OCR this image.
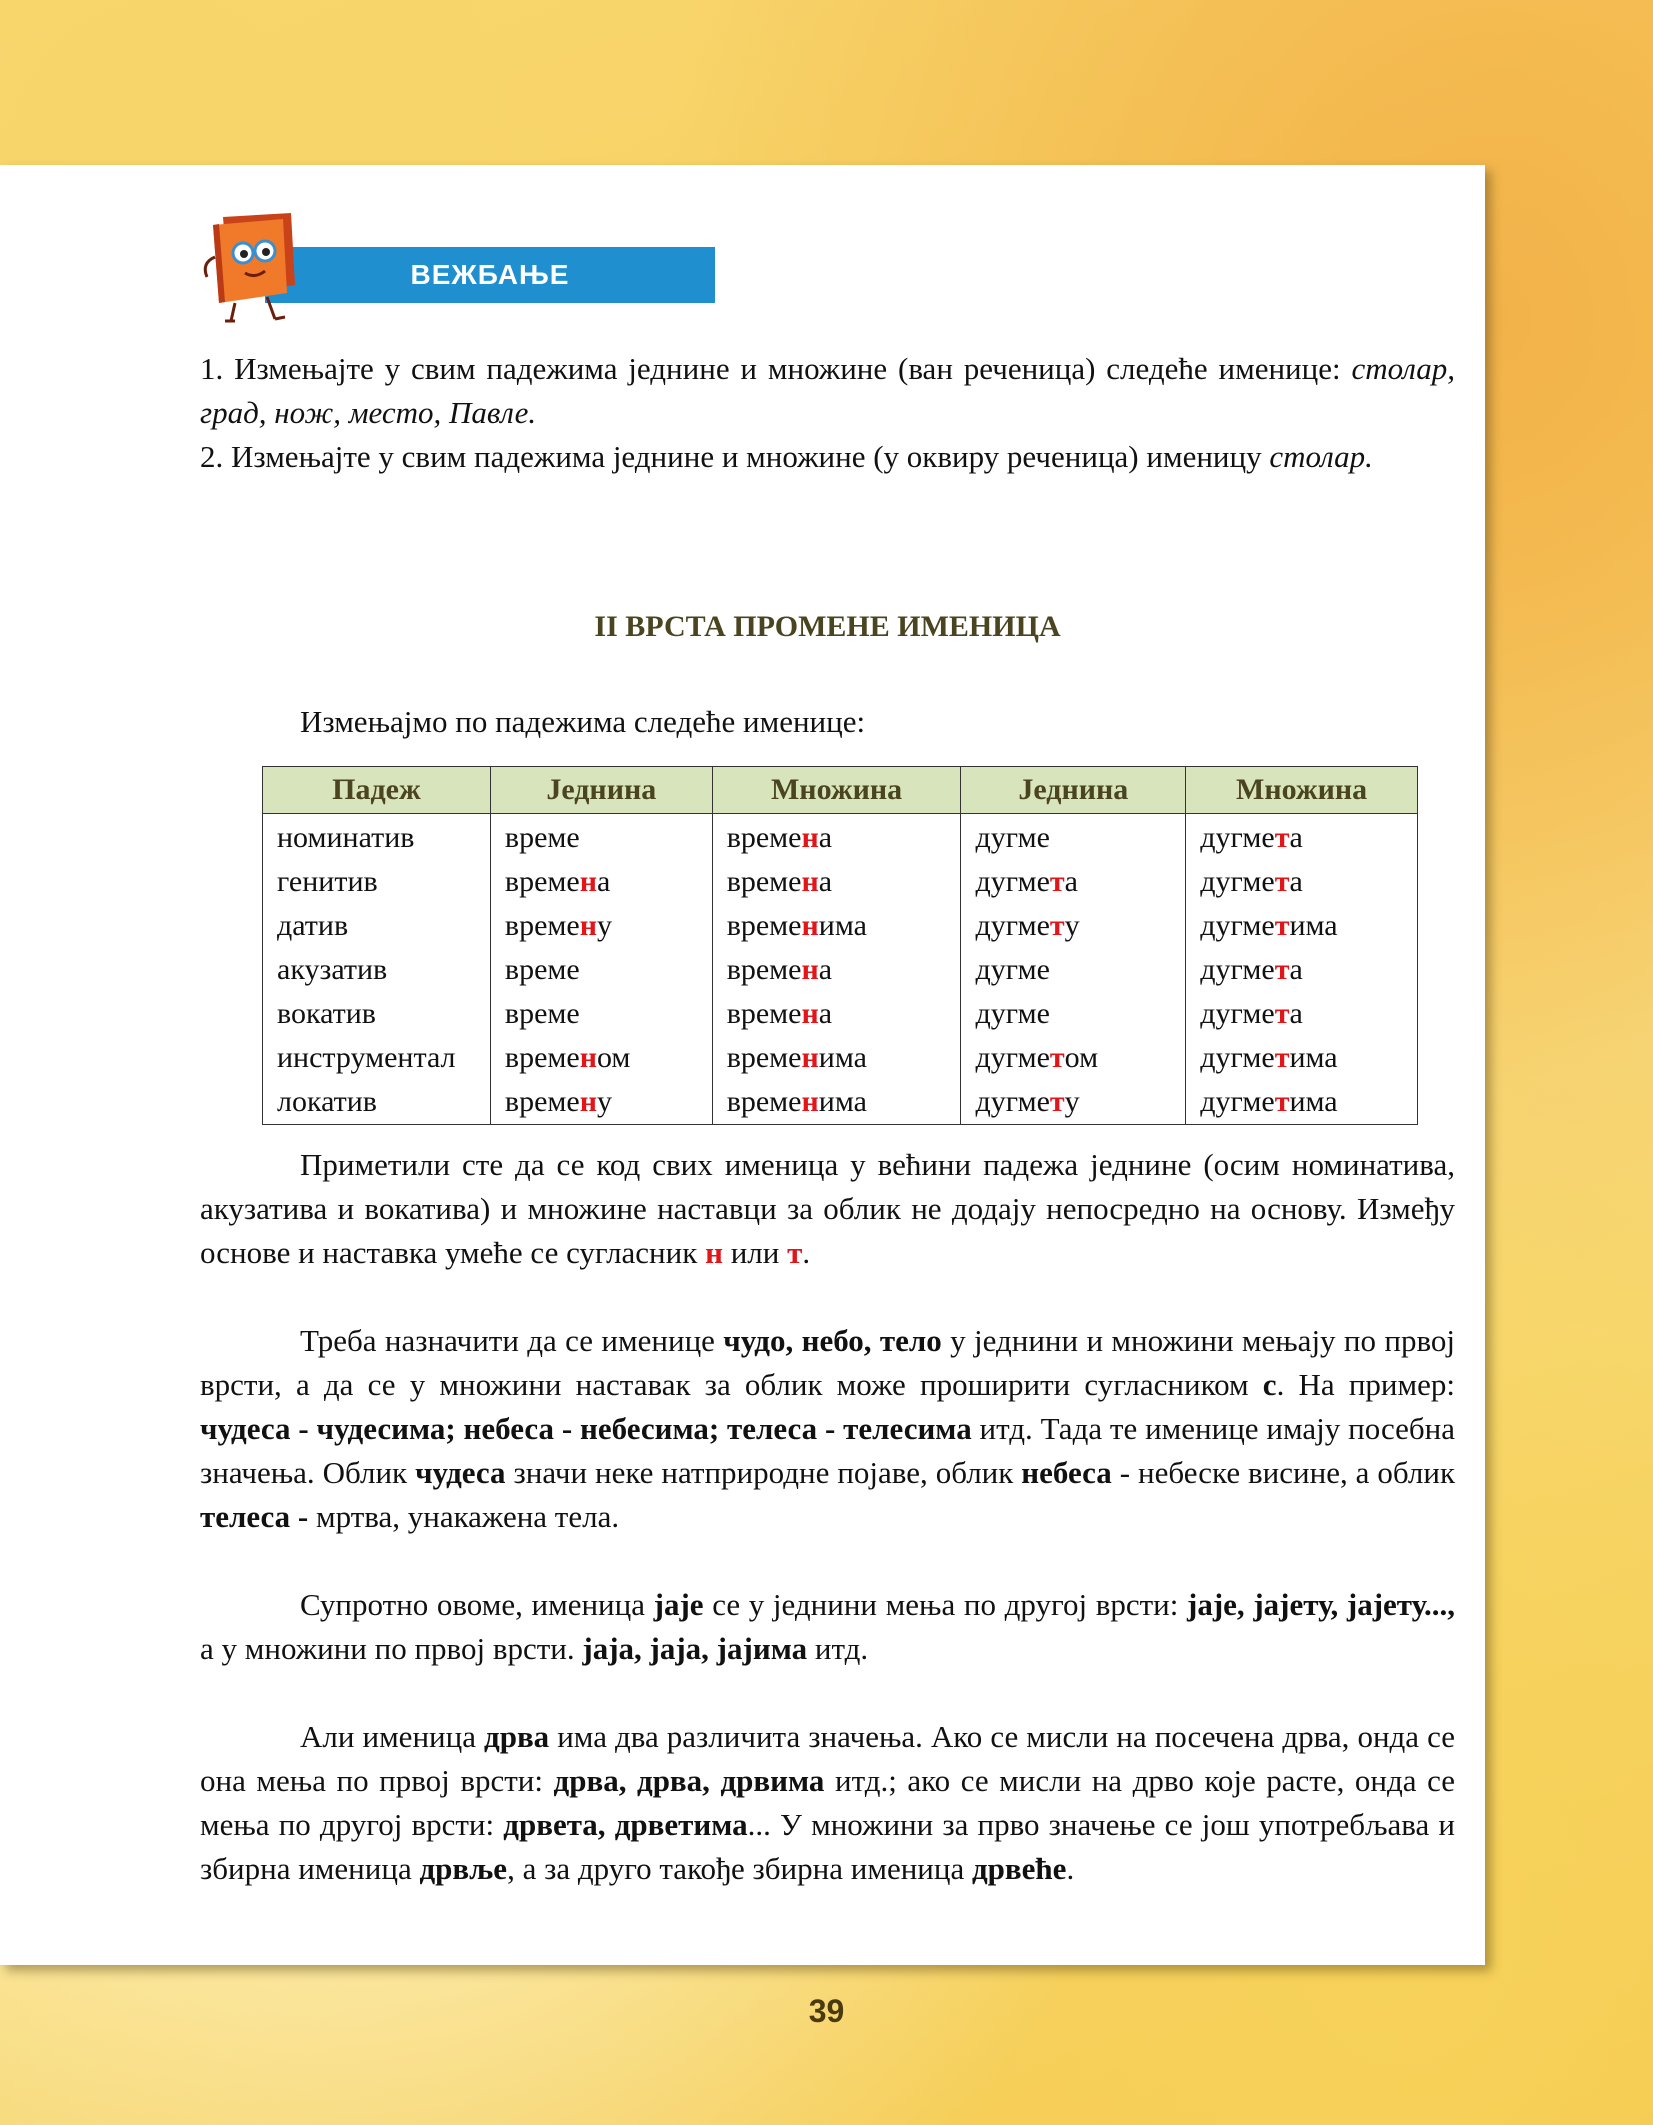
ВЕЖБАЊЕ

1. Измењајте у свим падежима једнине и множине (ван реченица) следеће именице: столар, град, нож, место, Павле.

2. Измењајте у свим падежима једнине и множине (у оквиру реченица) именицу столар.

II ВРСТА ПРОМЕНЕ ИМЕНИЦА

Измењајмо по падежима следеће именице:

Падеж	Једнина	Множина	Једнина	Множина
номинатив	време	времена	дугме	дугмета
генитив	времена	времена	дугмета	дугмета
датив	времену	временима	дугмету	дугметима
акузатив	време	времена	дугме	дугмета
вокатив	време	времена	дугме	дугмета
инструментал	временом	временима	дугметом	дугметима
локатив	времену	временима	дугмету	дугметима

Приметили сте да се код свих именица у већини падежа једнине (осим номинатива, акузатива и вокатива) и множине наставци за облик не додају непосредно на основу. Између основе и наставка умеће се сугласник н или т.

Треба назначити да се именице чудо, небо, тело у једнини и множини мењају по првој врсти, а да се у множини наставак за облик може проширити сугласником с. На пример: чудеса - чудесима; небеса - небесима; телеса - телесима итд. Тада те именице имају посебна значења. Облик чудеса значи неке натприродне појаве, облик небеса - небеске висине, а облик телеса - мртва, унакажена тела.

Супротно овоме, именица јаје се у једнини мења по другој врсти: јаје, јајету, јајету..., а у множини по првој врсти. јаја, јаја, јајима итд.

Али именица дрва има два различита значења. Ако се мисли на посечена дрва, онда се она мења по првој врсти: дрва, дрва, дрвима итд.; ако се мисли на дрво које расте, онда се мења по другој врсти: дрвета, дрветима... У множини за прво значење се још употребљава и збирна именица дрвље, а за друго такође збирна именица дрвеће.

39
